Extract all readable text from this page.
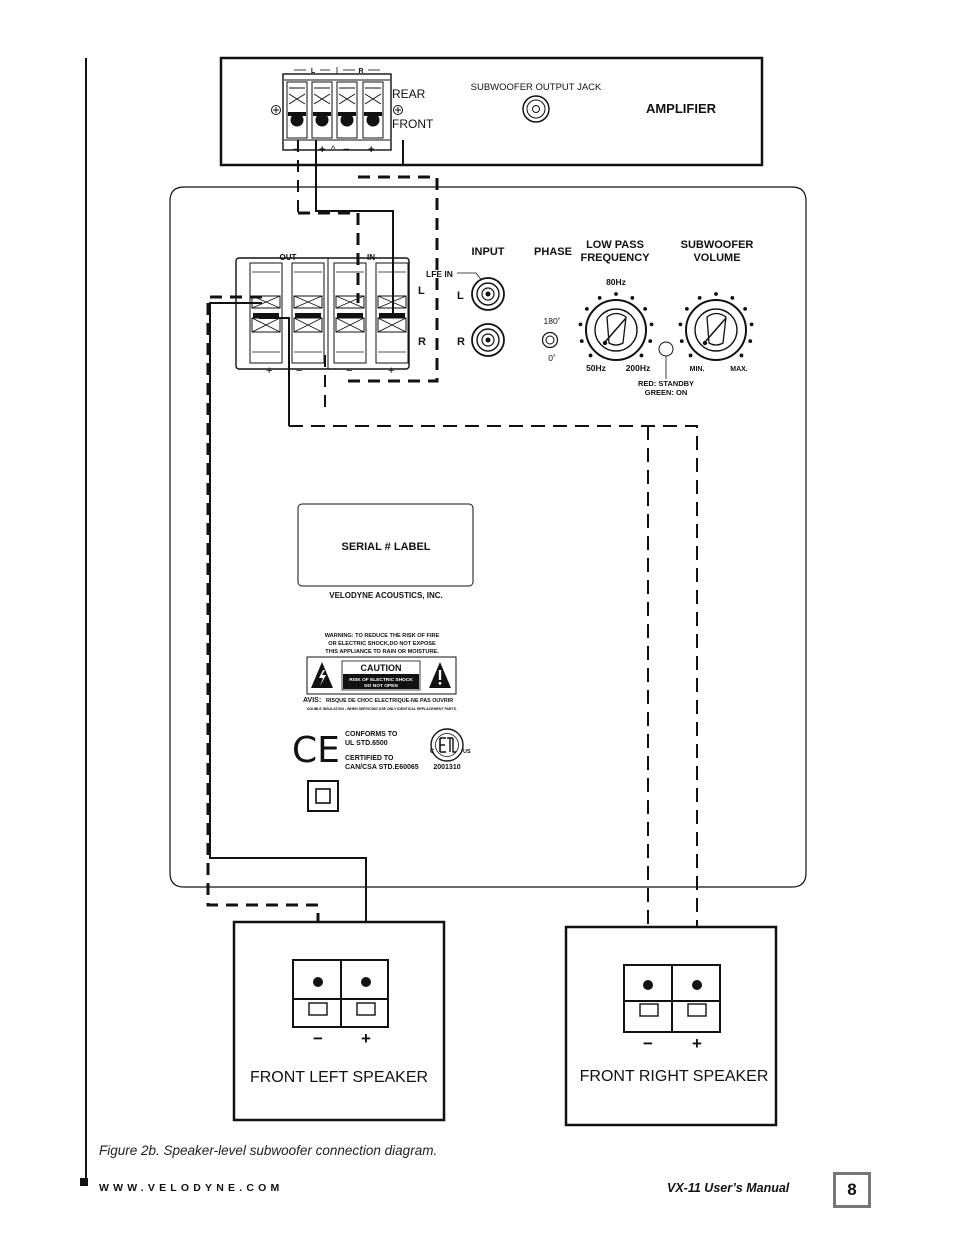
L	R
REAR
FRONT
− + ^ − +
SUBWOOFER OUTPUT JACK
AMPLIFIER
OUT	IN
+ −	−	+
L
R
INPUT
LFE IN
L
R
PHASE
180˚
0˚
LOW PASS
FREQUENCY
80Hz
50Hz 200Hz
RED: STANDBY
GREEN: ON
SUBWOOFER
VOLUME
MIN.	MAX.
SERIAL # LABEL
VELODYNE ACOUSTICS, INC.
WARNING: TO REDUCE THE RISK OF FIRE
OR ELECTRIC SHOCK,DO NOT EXPOSE
THIS APPLIANCE TO RAIN OR MOISTURE.
CAUTION
RISK OF ELECTRIC SHOCK
DO NOT OPEN
AVIS: RISQUE DE CHOC ELECTRIQUE-NE PAS OUVRIR
DOUBLE INSULATION - WHEN SERVICING USE ONLY IDENTICAL REPLACEMENT PARTS.
CE CONFORMS TO
UL STD.6500
CERTIFIED TO
CAN/CSA STD.E60065
C	US
2001310
− +
FRONT LEFT SPEAKER
− +
FRONT RIGHT SPEAKER
Figure 2b. Speaker-level subwoofer connection diagram.
WWW.VELODYNE.COM	VX-11 User’s Manual	8
